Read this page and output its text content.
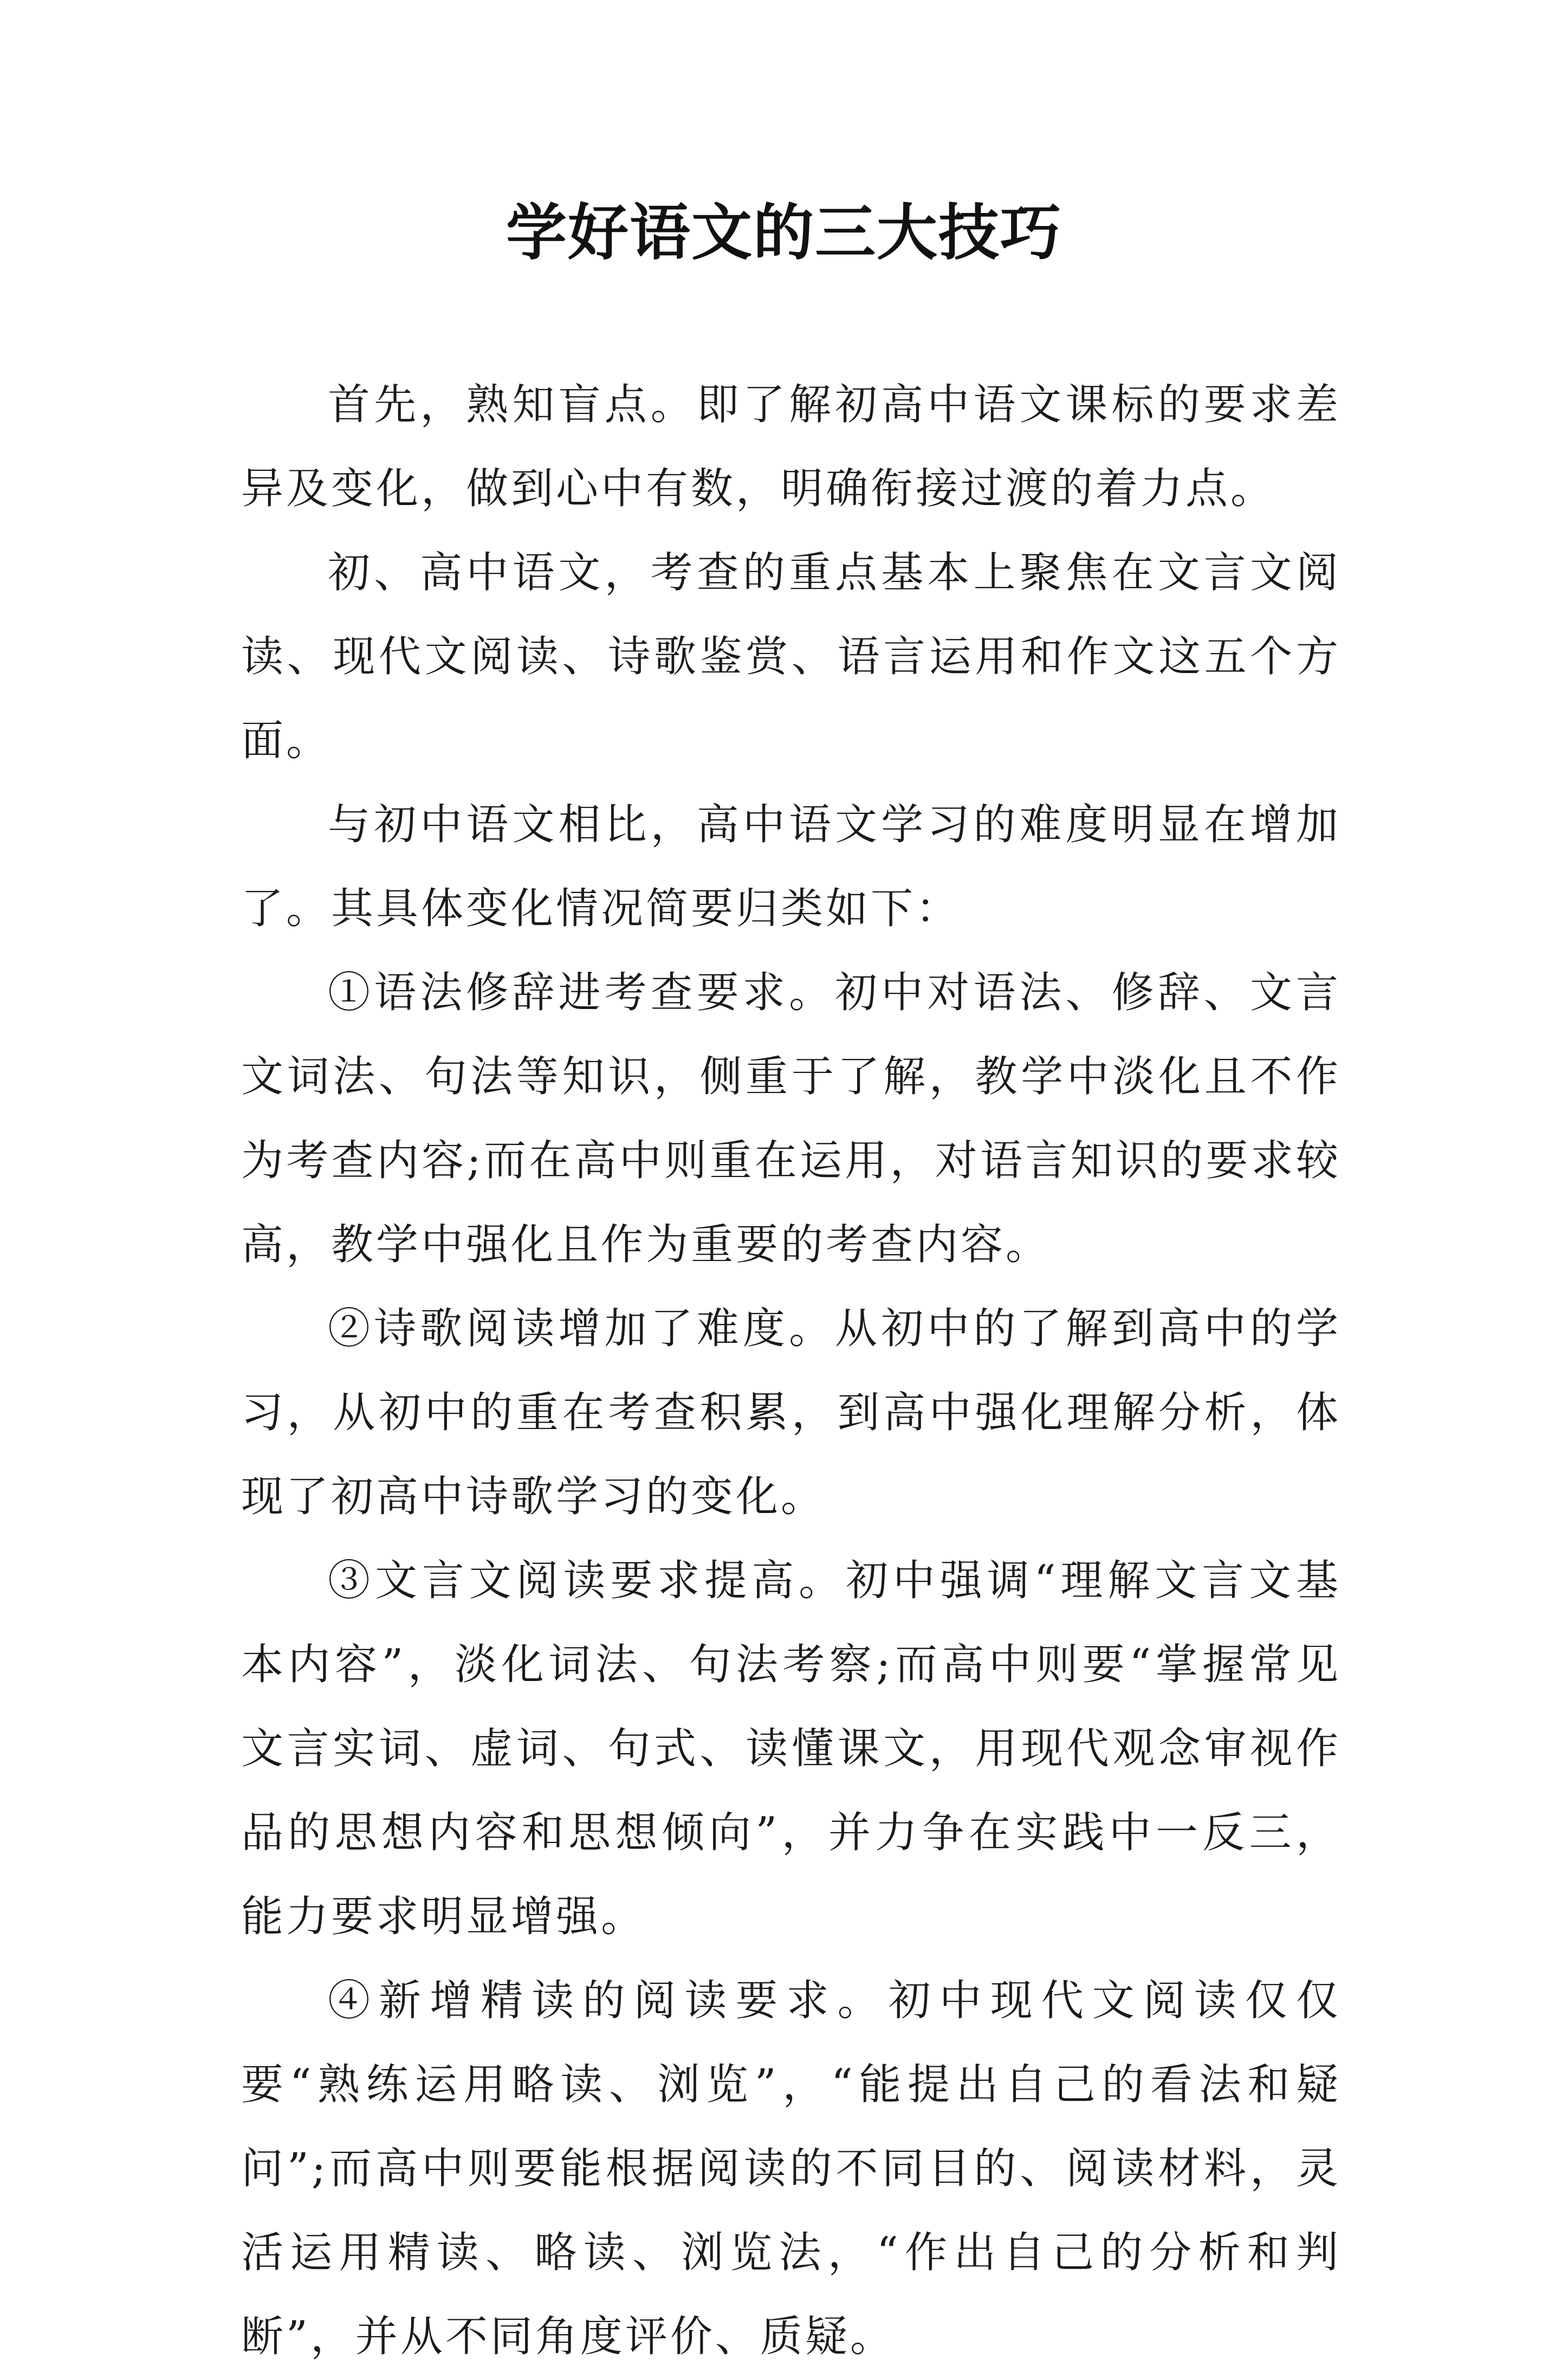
学好语文的三大技巧

首先，熟知盲点。即了解初高中语文课标的要求差异及变化，做到心中有数，明确衔接过渡的着力点。

初、高中语文，考查的重点基本上聚焦在文言文阅读、现代文阅读、诗歌鉴赏、语言运用和作文这五个方面。

与初中语文相比，高中语文学习的难度明显在增加了。其具体变化情况简要归类如下：

①语法修辞进考查要求。初中对语法、修辞、文言文词法、句法等知识，侧重于了解，教学中淡化且不作为考查内容;而在高中则重在运用，对语言知识的要求较高，教学中强化且作为重要的考查内容。

②诗歌阅读增加了难度。从初中的了解到高中的学习，从初中的重在考查积累，到高中强化理解分析，体现了初高中诗歌学习的变化。

③文言文阅读要求提高。初中强调“理解文言文基本内容”，淡化词法、句法考察;而高中则要“掌握常见文言实词、虚词、句式、读懂课文，用现代观念审视作品的思想内容和思想倾向”，并力争在实践中一反三，能力要求明显增强。

④新增精读的阅读要求。初中现代文阅读仅仅要“熟练运用略读、浏览”，“能提出自己的看法和疑问”;而高中则要能根据阅读的不同目的、阅读材料，灵活运用精读、略读、浏览法，“作出自己的分析和判断”，并从不同角度评价、质疑。
